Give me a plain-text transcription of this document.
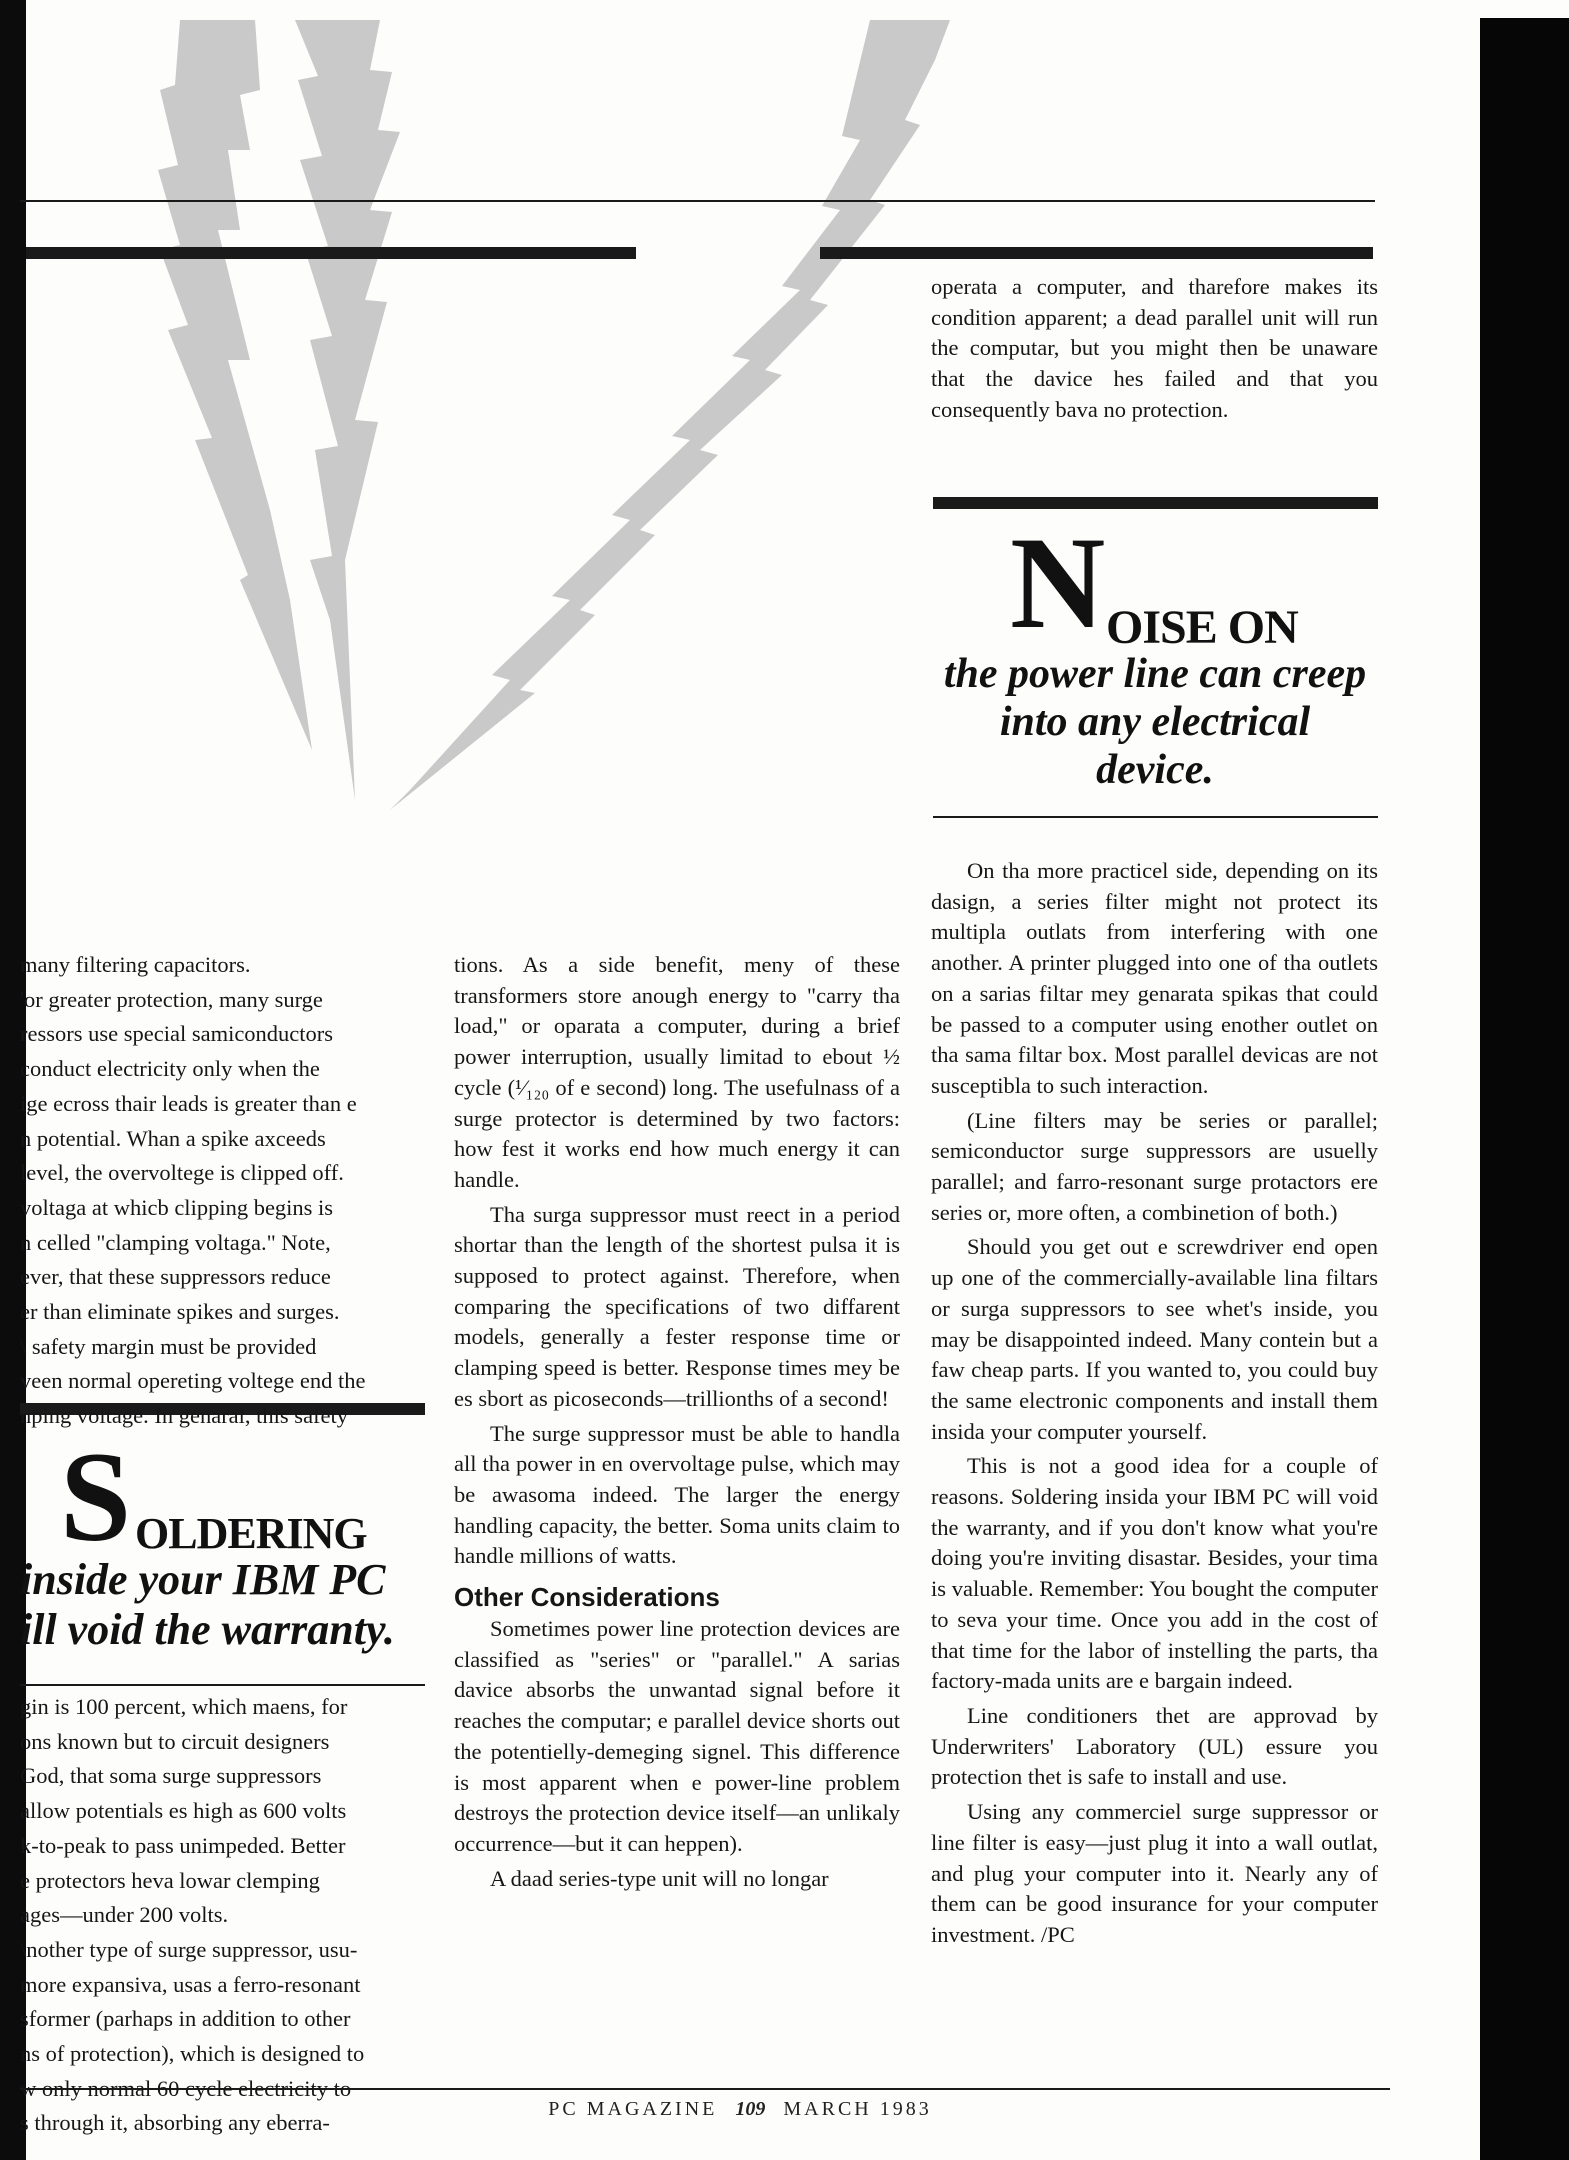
operata a computer, and tharefore makes its condition apparent; a dead parallel unit will run the computar, but you might then be unaware that the davice hes failed and that you consequently bava no protection.

N OISE ON
the power line can creep
into any electrical
device.

many filtering capacitors.

'or greater protection, many surge

ressors use special samiconductors

conduct electricity only when the

ige ecross thair leads is greater than e

n potential. Whan a spike axceeds

level, the overvoltege is clipped off.

voltaga at whicb clipping begins is

n celled "clamping voltaga." Note,

ever, that these suppressors reduce

er than eliminate spikes and surges.

\ safety margin must be provided

veen normal opereting voltege end the

nping voltage. In genaral, this safety

S OLDERING
inside your IBM PC
ill void the warranty.

gin is 100 percent, which maens, for

ons known but to circuit designers

God, that soma surge suppressors

allow potentials es high as 600 volts

k-to-peak to pass unimpeded. Better

e protectors heva lowar clemping

ages—under 200 volts.

\nother type of surge suppressor, usu-

more expansiva, usas a ferro-resonant

sformer (parhaps in addition to other

ns of protection), which is designed to

w only normal 60 cycle electricity to

s through it, absorbing any eberra-

tions. As a side benefit, meny of these transformers store anough energy to "carry tha load," or oparata a computer, during a brief power interruption, usually limitad to ebout ½ cycle (¹⁄₁₂₀ of e second) long. The usefulnass of a surge protector is determined by two factors: how fest it works end how much energy it can handle.

Tha surga suppressor must reect in a period shortar than the length of the shortest pulsa it is supposed to protect against. Therefore, when comparing the specifications of two diffarent models, generally a fester response time or clamping speed is better. Response times mey be es sbort as picoseconds—trillionths of a second!

The surge suppressor must be able to handla all tha power in en overvoltage pulse, which may be awasoma indeed. The larger the energy handling capacity, the better. Soma units claim to handle millions of watts.

Other Considerations

Sometimes power line protection devices are classified as "series" or "parallel." A sarias davice absorbs the unwantad signal before it reaches the computar; e parallel device shorts out the potentielly-demeging signel. This difference is most apparent when e power-line problem destroys the protection device itself—an unlikaly occurrence—but it can heppen).

A daad series-type unit will no longar

On tha more practicel side, depending on its dasign, a series filter might not protect its multipla outlats from interfering with one another. A printer plugged into one of tha outlets on a sarias filtar mey genarata spikas that could be passed to a computer using enother outlet on tha sama filtar box. Most parallel devicas are not susceptibla to such interaction.

(Line filters may be series or parallel; semiconductor surge suppressors are usuelly parallel; and farro-resonant surge protactors ere series or, more often, a combinetion of both.)

Should you get out e screwdriver end open up one of the commercially-available lina filtars or surga suppressors to see whet's inside, you may be disappointed indeed. Many contein but a faw cheap parts. If you wanted to, you could buy the same electronic components and install them insida your computer yourself.

This is not a good idea for a couple of reasons. Soldering insida your IBM PC will void the warranty, and if you don't know what you're doing you're inviting disastar. Besides, your tima is valuable. Remember: You bought the computer to seva your time. Once you add in the cost of that time for the labor of instelling the parts, tha factory-mada units are e bargain indeed.

Line conditioners thet are approvad by Underwriters' Laboratory (UL) essure you protection thet is safe to install and use.

Using any commerciel surge suppressor or line filter is easy—just plug it into a wall outlat, and plug your computer into it. Nearly any of them can be good insurance for your computer investment. /PC

PC MAGAZINE 109 MARCH 1983
